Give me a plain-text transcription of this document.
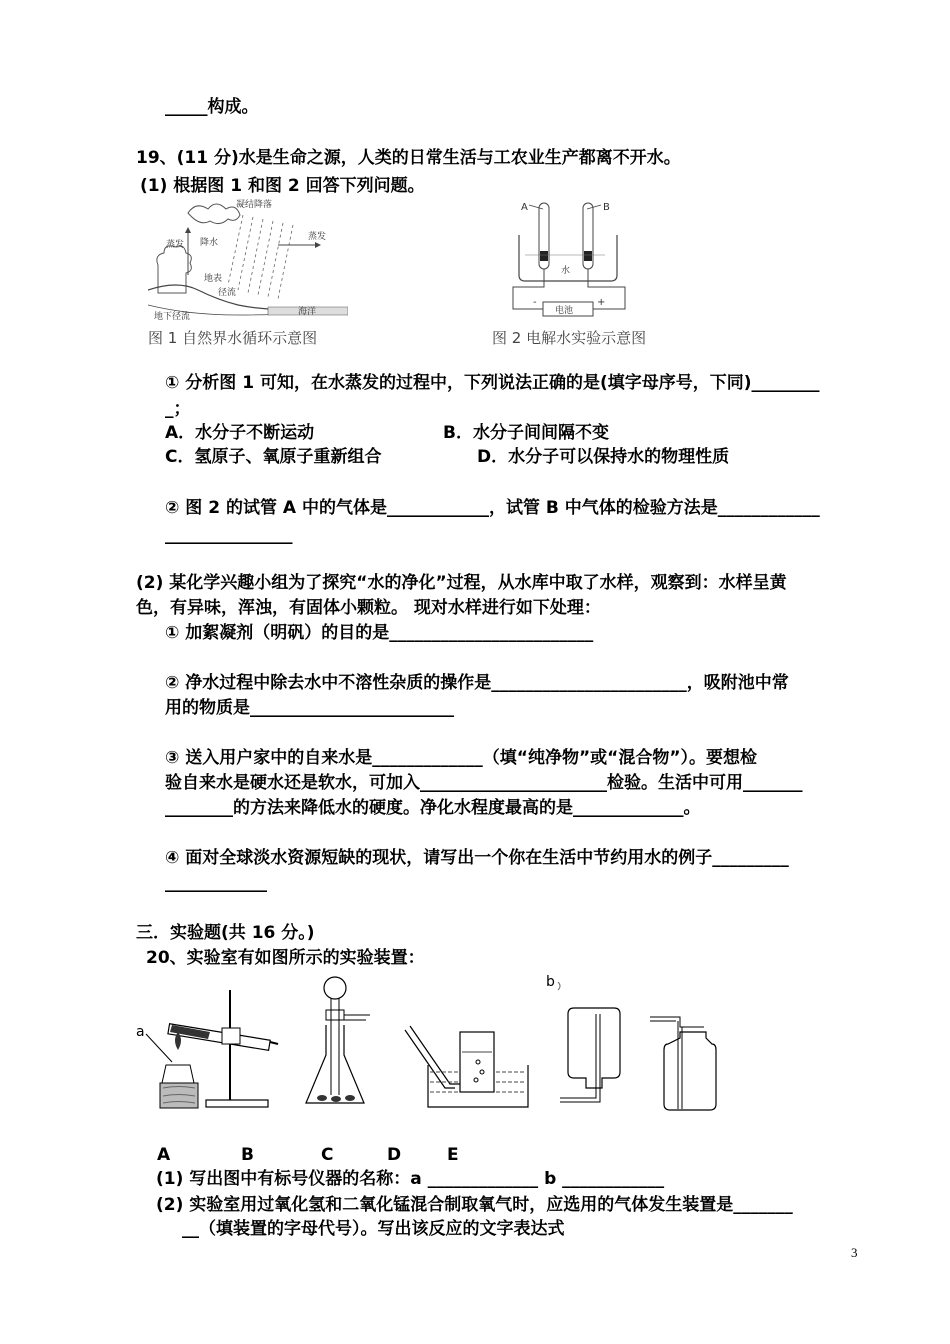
_____构成。
19、(11 分)水是生命之源，人类的日常生活与工农业生产都离不开水。
(1) 根据图 1 和图 2 回答下列问题。
凝结降落
蒸发 降水
蒸发
地表
径流
地下径流	海洋
图 1 自然界水循环示意图
A	B
水
电池
-	+
图 2 电解水实验示意图
① 分析图 1 可知，在水蒸发的过程中，下列说法正确的是(填字母序号，下同)________
_；
A．水分子不断运动	B．水分子间间隔不变
C．氢原子、氧原子重新组合	D．水分子可以保持水的物理性质
② 图 2 的试管 A 中的气体是____________，试管 B 中气体的检验方法是____________
_______________
(2) 某化学兴趣小组为了探究“水的净化”过程，从水库中取了水样，观察到：水样呈黄
色，有异味，浑浊，有固体小颗粒。 现对水样进行如下处理：
① 加絮凝剂（明矾）的目的是________________________
② 净水过程中除去水中不溶性杂质的操作是_______________________，吸附池中常
用的物质是________________________
③ 送入用户家中的自来水是_____________（填“纯净物”或“混合物”）。要想检
验自来水是硬水还是软水，可加入______________________检验。生活中可用_______
________的方法来降低水的硬度。净化水程度最高的是_____________。
④ 面对全球淡水资源短缺的现状，请写出一个你在生活中节约用水的例子_________
____________
三．实验题(共 16 分。)
20、实验室有如图所示的实验装置：
a
b
A	B	C	D	E
(1) 写出图中有标号仪器的名称：a _____________ b ____________
(2) 实验室用过氧化氢和二氧化锰混合制取氧气时，应选用的气体发生装置是_______
__（填装置的字母代号）。写出该反应的文字表达式
3
